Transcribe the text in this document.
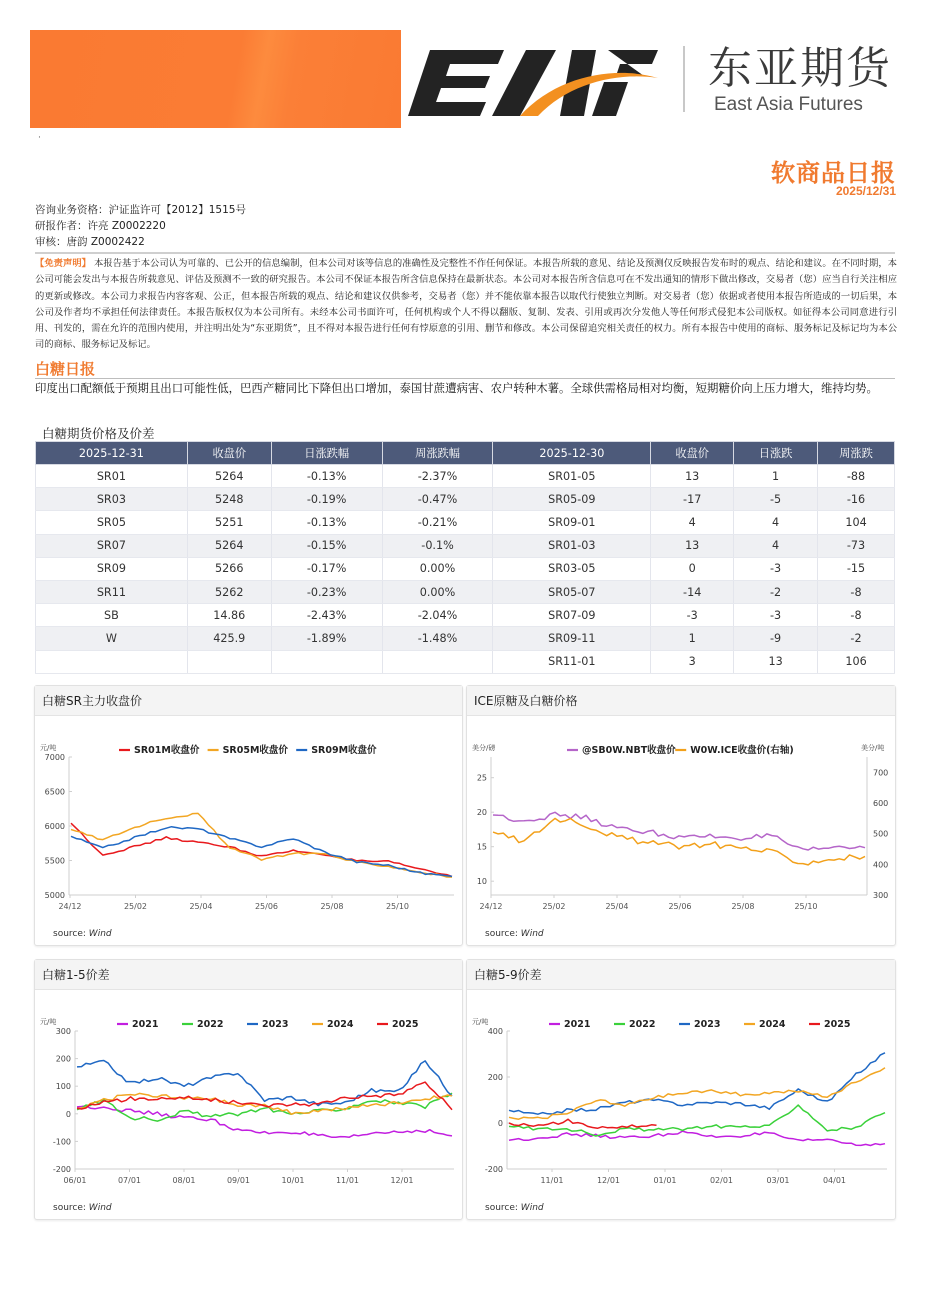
·
东亚期货
East Asia Futures
软商品日报
2025/12/31
咨询业务资格：沪证监许可【2012】1515号
研报作者：许亮 Z0002220
审核：唐韵 Z0002422
【免责声明】 本报告基于本公司认为可靠的、已公开的信息编制，但本公司对该等信息的准确性及完整性不作任何保证。本报告所载的意见、结论及预测仅反映报告发布时的观点、结论和建议。在不同时期，本公司可能会发出与本报告所载意见、评估及预测不一致的研究报告。本公司不保证本报告所含信息保持在最新状态。本公司对本报告所含信息可在不发出通知的情形下做出修改，交易者（您）应当自行关注相应的更新或修改。本公司力求报告内容客观、公正，但本报告所载的观点、结论和建议仅供参考，交易者（您）并不能依靠本报告以取代行使独立判断。对交易者（您）依据或者使用本报告所造成的一切后果，本公司及作者均不承担任何法律责任。本报告版权仅为本公司所有。未经本公司书面许可，任何机构或个人不得以翻版、复制、发表、引用或再次分发他人等任何形式侵犯本公司版权。如征得本公司同意进行引用、刊发的，需在允许的范围内使用，并注明出处为“东亚期货”，且不得对本报告进行任何有悖原意的引用、删节和修改。本公司保留追究相关责任的权力。所有本报告中使用的商标、服务标记及标记均为本公司的商标、服务标记及标记。
白糖日报
印度出口配额低于预期且出口可能性低，巴西产糖同比下降但出口增加，泰国甘蔗遭病害、农户转种木薯。全球供需格局相对均衡，短期糖价向上压力增大，维持均势。
白糖期货价格及价差
2025-12-31	收盘价	日涨跌幅	周涨跌幅	2025-12-30	收盘价	日涨跌	周涨跌
SR01	5264	-0.13%	-2.37%	SR01-05	13	1	-88
SR03	5248	-0.19%	-0.47%	SR05-09	-17	-5	-16
SR05	5251	-0.13%	-0.21%	SR09-01	4	4	104
SR07	5264	-0.15%	-0.1%	SR01-03	13	4	-73
SR09	5266	-0.17%	0.00%	SR03-05	0	-3	-15
SR11	5262	-0.23%	0.00%	SR05-07	-14	-2	-8
SB	14.86	-2.43%	-2.04%	SR07-09	-3	-3	-8
W	425.9	-1.89%	-1.48%	SR09-11	1	-9	-2
				SR11-01	3	13	106
白糖SR主力收盘价
SR01M收盘价 SR05M收盘价 SR09M收盘价
元/吨
7000
6500
6000
5500
5000
24/12	25/02	25/04	25/06	25/08	25/10
source: Wind
ICE原糖及白糖价格
@SB0W.NBT收盘价 W0W.ICE收盘价(右轴)
美分/磅	美分/吨
25
20
15
10
700
600
500
400
300
24/12	25/02	25/04	25/06	25/08	25/10
source: Wind
白糖1-5价差
2021	2022	2023	2024	2025
元/吨
300
200
100
0
-100
-200
06/01	07/01	08/01	09/01	10/01	11/01	12/01
source: Wind
白糖5-9价差
2021	2022	2023	2024	2025
元/吨
400
200
0
-200
11/01	12/01	01/01	02/01	03/01	04/01
source: Wind
